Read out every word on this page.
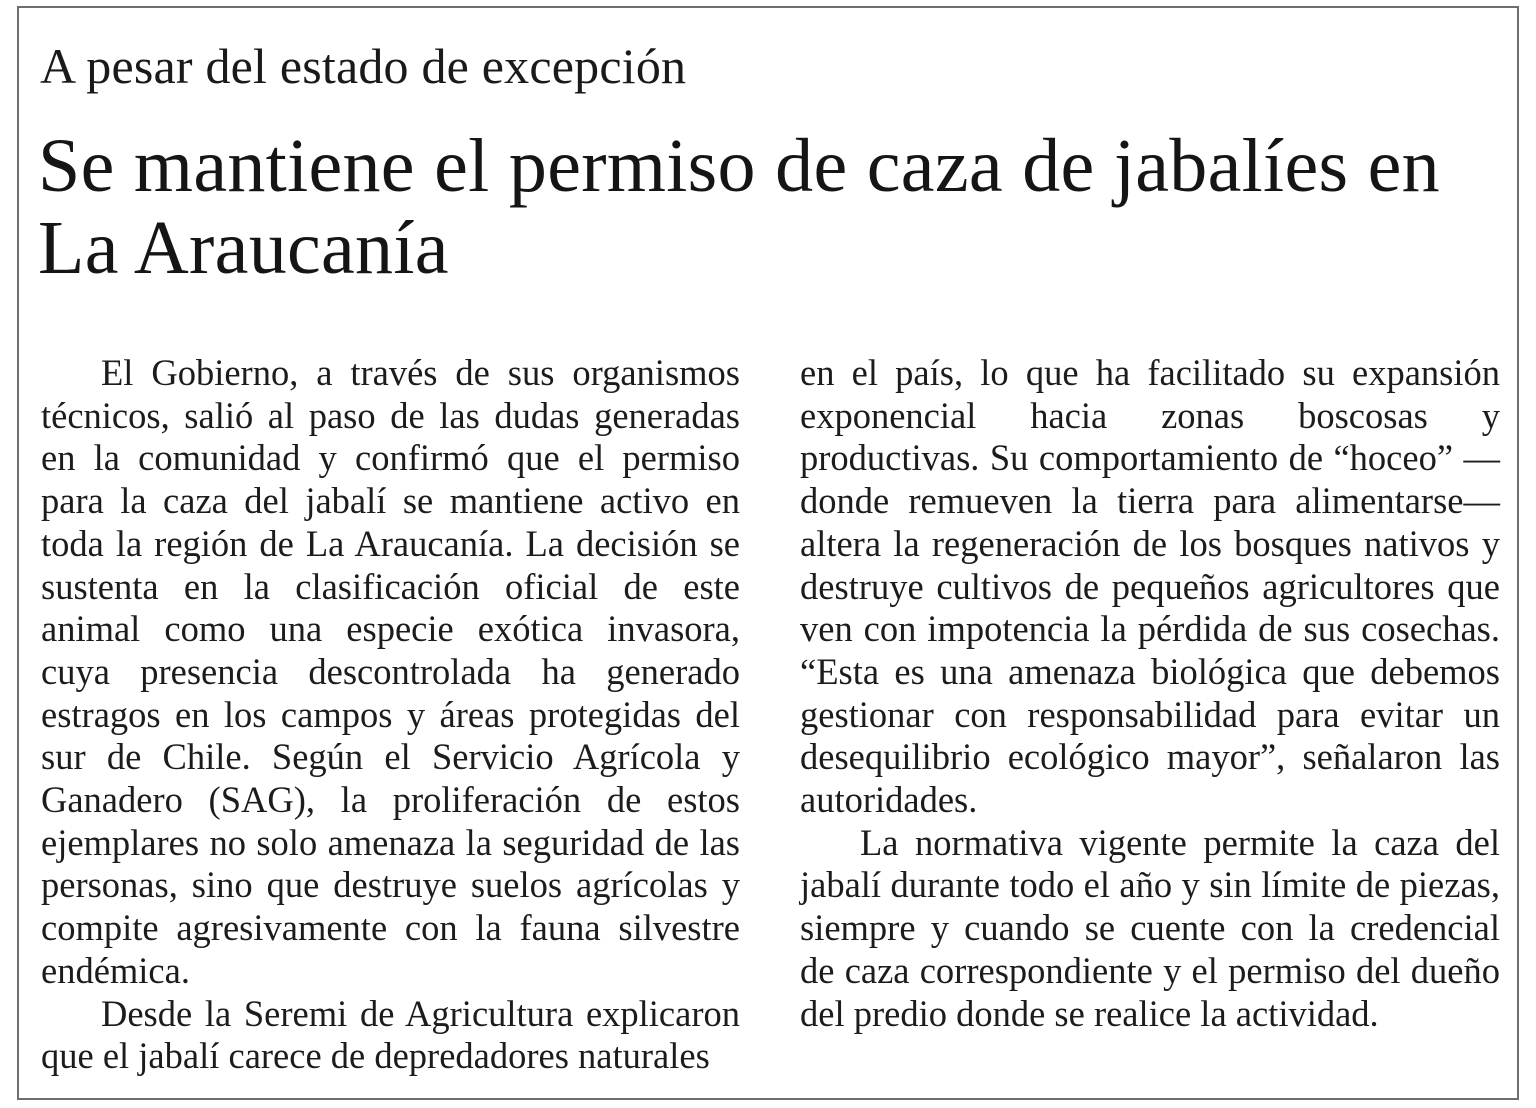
A pesar del estado de excepción
Se mantiene el permiso de caza de jabalíes en La Araucanía

El Gobierno, a través de sus organismos técnicos, salió al paso de las dudas generadas en la comunidad y confirmó que el permiso para la caza del jabalí se mantiene activo en toda la región de La Araucanía. La decisión se sustenta en la clasificación oficial de este animal como una especie exótica invasora, cuya presencia descontrolada ha generado estragos en los campos y áreas protegidas del sur de Chile. Según el Servicio Agrícola y Ganadero (SAG), la proliferación de estos ejemplares no solo amenaza la seguridad de las personas, sino que destruye suelos agrícolas y compite agresivamente con la fauna silvestre endémica.

Desde la Seremi de Agricultura explicaron que el jabalí carece de depredadores naturales

en el país, lo que ha facilitado su expansión exponencial hacia zonas boscosas y productivas. Su comportamiento de “hoceo” —donde remueven la tierra para alimentarse— altera la regeneración de los bosques nativos y destruye cultivos de pequeños agricultores que ven con impotencia la pérdida de sus cosechas. “Esta es una amenaza biológica que debemos gestionar con responsabilidad para evitar un desequilibrio ecológico mayor”, señalaron las autoridades.

La normativa vigente permite la caza del jabalí durante todo el año y sin límite de piezas, siempre y cuando se cuente con la credencial de caza correspondiente y el permiso del dueño del predio donde se realice la actividad.
